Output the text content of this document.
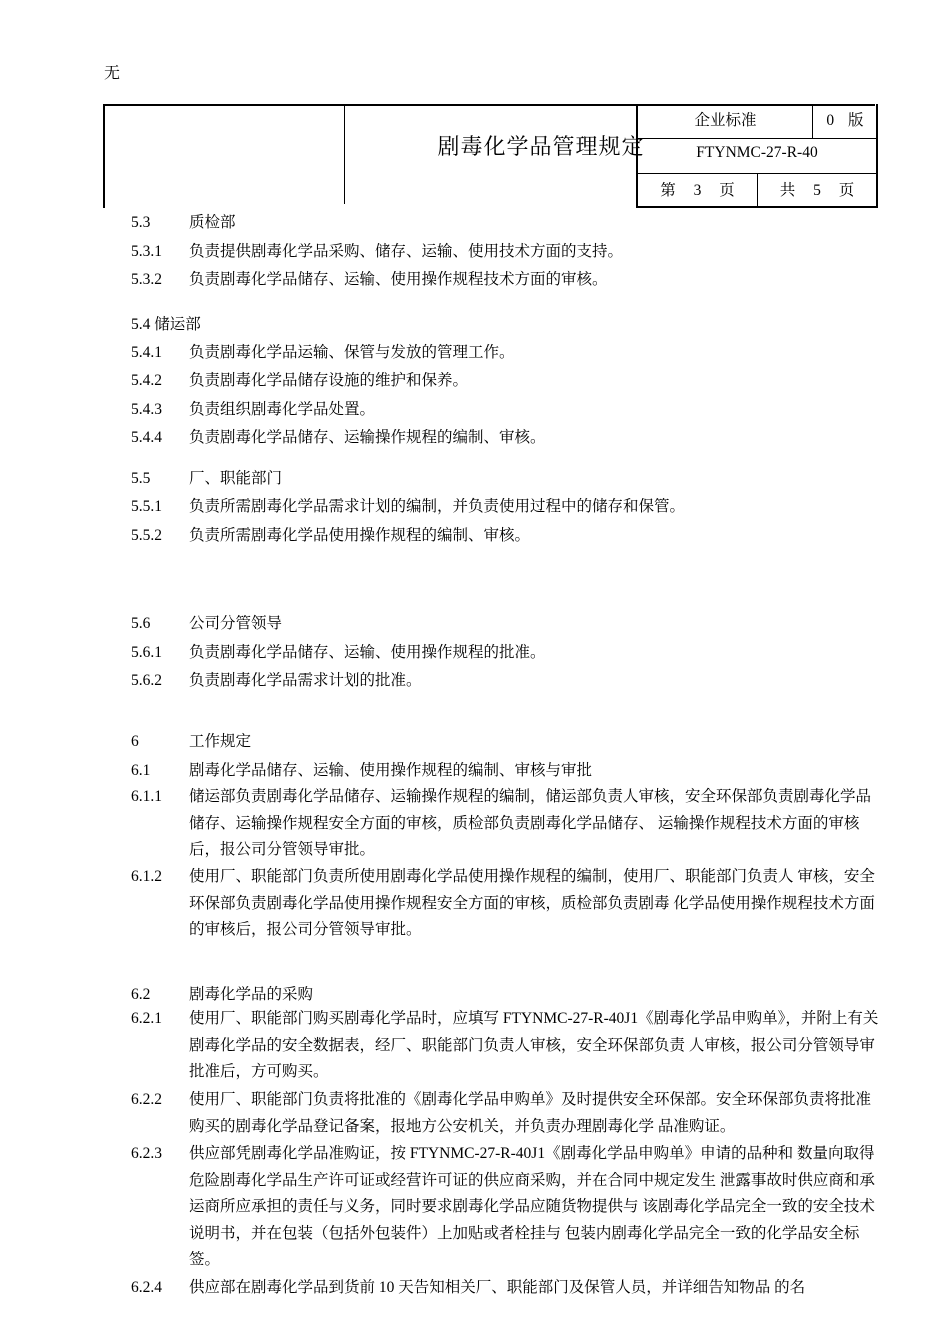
无
剧毒化学品管理规定
企业标准	0 版
FTYNMC-27-R-40
第 3 页	共 5 页
5.3 质检部
5.3.1 负责提供剧毒化学品采购、储存、运输、使用技术方面的支持。
5.3.2 负责剧毒化学品储存、运输、使用操作规程技术方面的审核。
5.4 储运部
5.4.1 负责剧毒化学品运输、保管与发放的管理工作。
5.4.2 负责剧毒化学品储存设施的维护和保养。
5.4.3 负责组织剧毒化学品处置。
5.4.4 负责剧毒化学品储存、运输操作规程的编制、审核。
5.5 厂、职能部门
5.5.1 负责所需剧毒化学品需求计划的编制，并负责使用过程中的储存和保管。
5.5.2 负责所需剧毒化学品使用操作规程的编制、审核。
5.6 公司分管领导
5.6.1 负责剧毒化学品储存、运输、使用操作规程的批准。
5.6.2 负责剧毒化学品需求计划的批准。
6	工作规定
6.1 剧毒化学品储存、运输、使用操作规程的编制、审核与审批
6.1.1	储运部负责剧毒化学品储存、运输操作规程的编制，储运部负责人审核，安全环保部负责剧毒化学品储存、运输操作规程安全方面的审核，质检部负责剧毒化学品储存、 运输操作规程技术方面的审核后，报公司分管领导审批。
6.1.2	使用厂、职能部门负责所使用剧毒化学品使用操作规程的编制，使用厂、职能部门负责人 审核，安全环保部负责剧毒化学品使用操作规程安全方面的审核，质检部负责剧毒 化学品使用操作规程技术方面的审核后，报公司分管领导审批。
6.2 剧毒化学品的采购
6.2.1	使用厂、职能部门购买剧毒化学品时，应填写 FTYNMC-27-R-40J1《剧毒化学品申购单》，并附上有关剧毒化学品的安全数据表，经厂、职能部门负责人审核，安全环保部负责 人审核，报公司分管领导审批准后，方可购买。
6.2.2	使用厂、职能部门负责将批准的《剧毒化学品申购单》及时提供安全环保部。安全环保部负责将批准购买的剧毒化学品登记备案，报地方公安机关，并负责办理剧毒化学 品准购证。
6.2.3	供应部凭剧毒化学品准购证，按 FTYNMC-27-R-40J1《剧毒化学品申购单》申请的品种和 数量向取得危险剧毒化学品生产许可证或经营许可证的供应商采购，并在合同中规定发生 泄露事故时供应商和承运商所应承担的责任与义务，同时要求剧毒化学品应随货物提供与 该剧毒化学品完全一致的安全技术说明书，并在包装（包括外包装件）上加贴或者栓挂与 包装内剧毒化学品完全一致的化学品安全标签。
6.2.4	供应部在剧毒化学品到货前 10 天告知相关厂、职能部门及保管人员，并详细告知物品 的名
